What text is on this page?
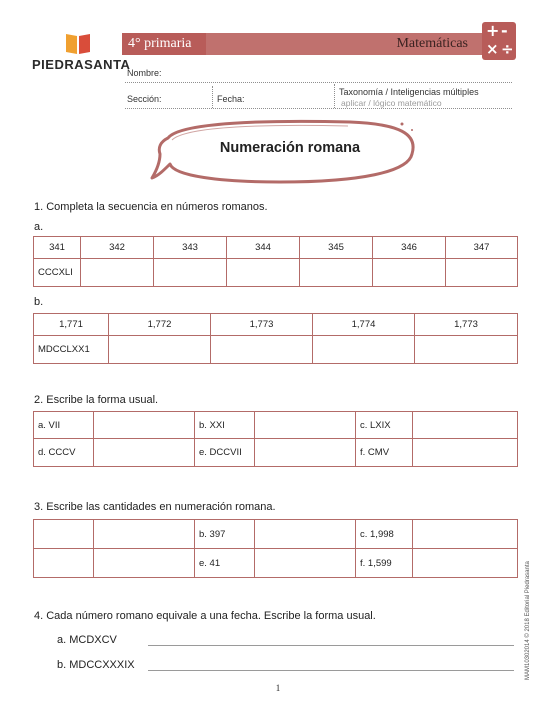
PIEDRASANTA
4° primaria	Matemáticas
+ -
× ÷
Nombre:
Sección:	Fecha:
Taxonomía / Inteligencias múltiples
aplicar / lógico matemático
Numeración romana
1. Completa la secuencia en números romanos.
a.
341	342	343	344	345	346	347
CCCXLI						
b.
1,771	1,772	1,773	1,774	1,773
MDCCLXX1				
2. Escribe la forma usual.
a. VII		b. XXI		c. LXIX	
d. CCCV		e. DCCVII		f. CMV	
3. Escribe las cantidades en numeración romana.
		b. 397		c. 1,998	
		e. 41		f. 1,599	
4. Cada número romano equivale a una fecha. Escribe la forma usual.
a. MCDXCV
b. MDCCXXXIX
1
MAM10302014 © 2018 Editorial Piedrasanta
